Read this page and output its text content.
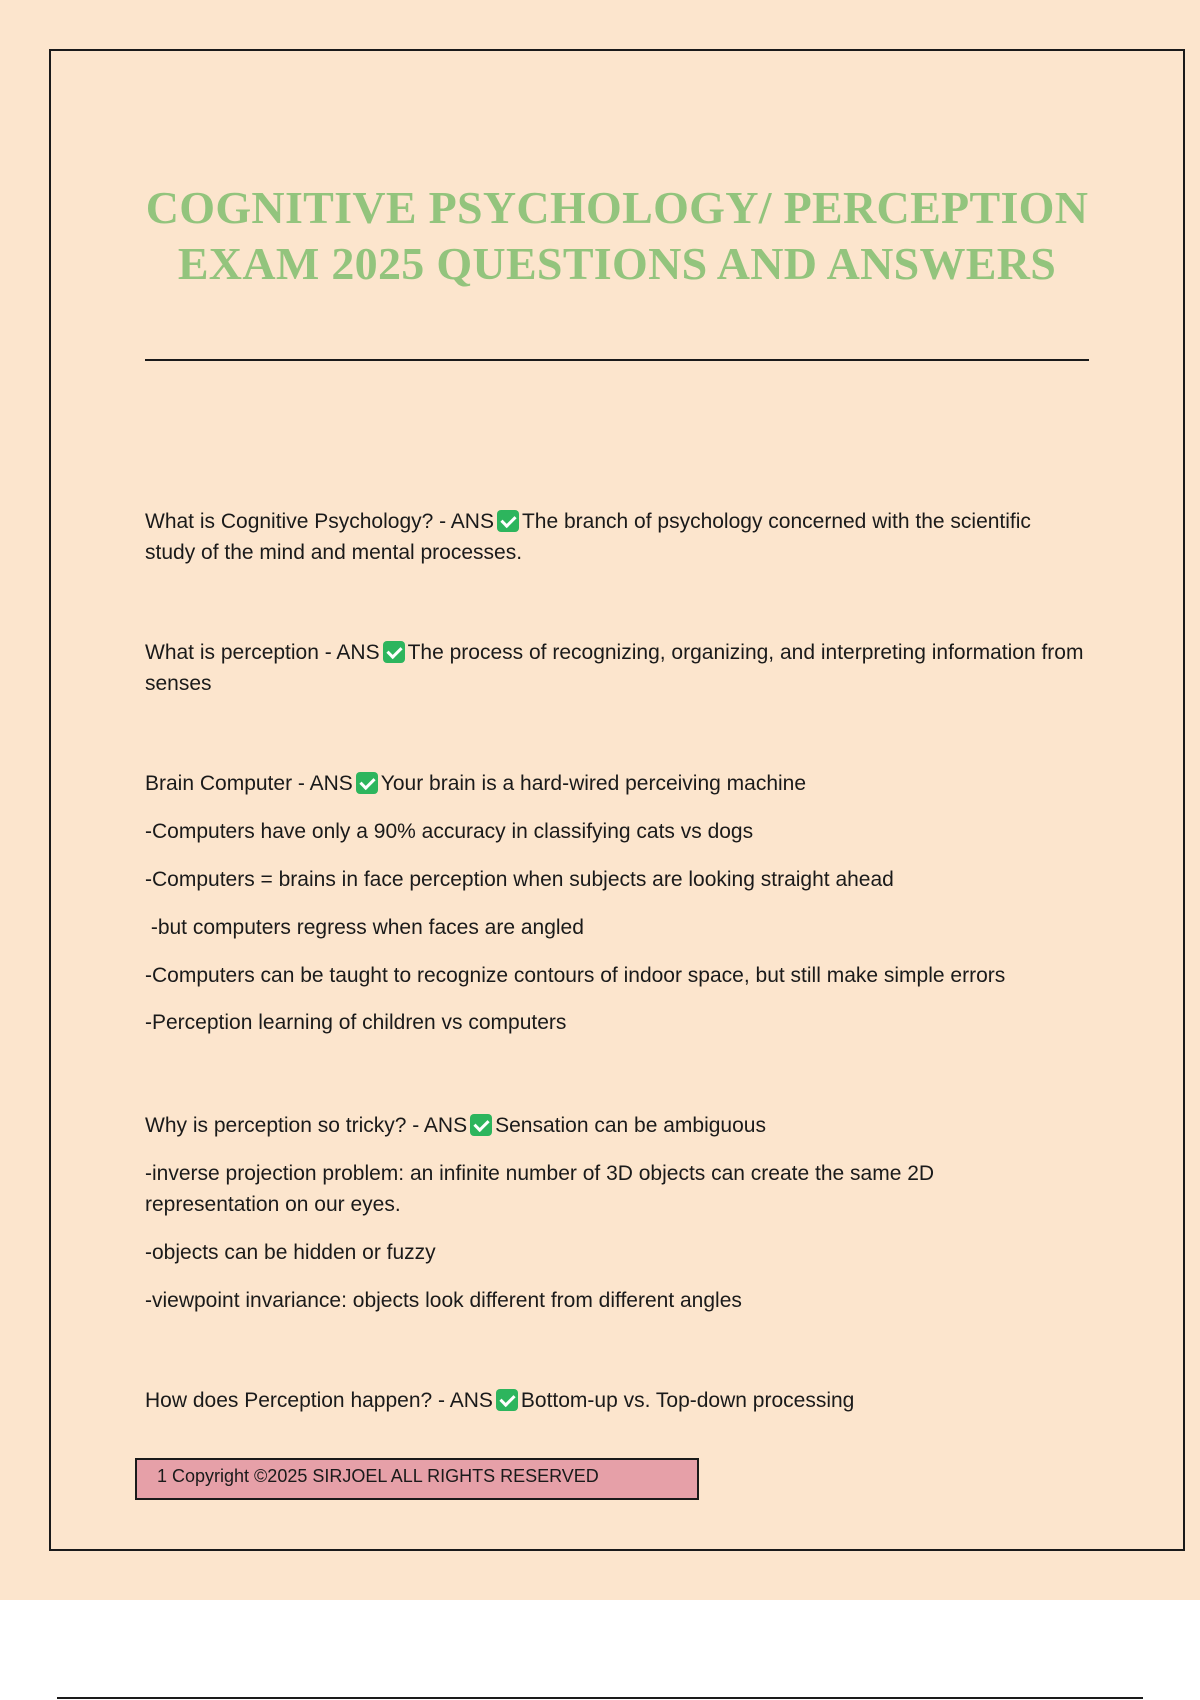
COGNITIVE PSYCHOLOGY/ PERCEPTION EXAM 2025 QUESTIONS AND ANSWERS

What is Cognitive Psychology? - ANS The branch of psychology concerned with the scientific study of the mind and mental processes.

What is perception - ANS The process of recognizing, organizing, and interpreting information from senses

Brain Computer - ANS Your brain is a hard-wired perceiving machine

-Computers have only a 90% accuracy in classifying cats vs dogs

-Computers = brains in face perception when subjects are looking straight ahead

-but computers regress when faces are angled

-Computers can be taught to recognize contours of indoor space, but still make simple errors

-Perception learning of children vs computers

Why is perception so tricky? - ANS Sensation can be ambiguous

-inverse projection problem: an infinite number of 3D objects can create the same 2D representation on our eyes.

-objects can be hidden or fuzzy

-viewpoint invariance: objects look different from different angles

How does Perception happen? - ANS Bottom-up vs. Top-down processing

1 Copyright ©2025 SIRJOEL ALL RIGHTS RESERVED
